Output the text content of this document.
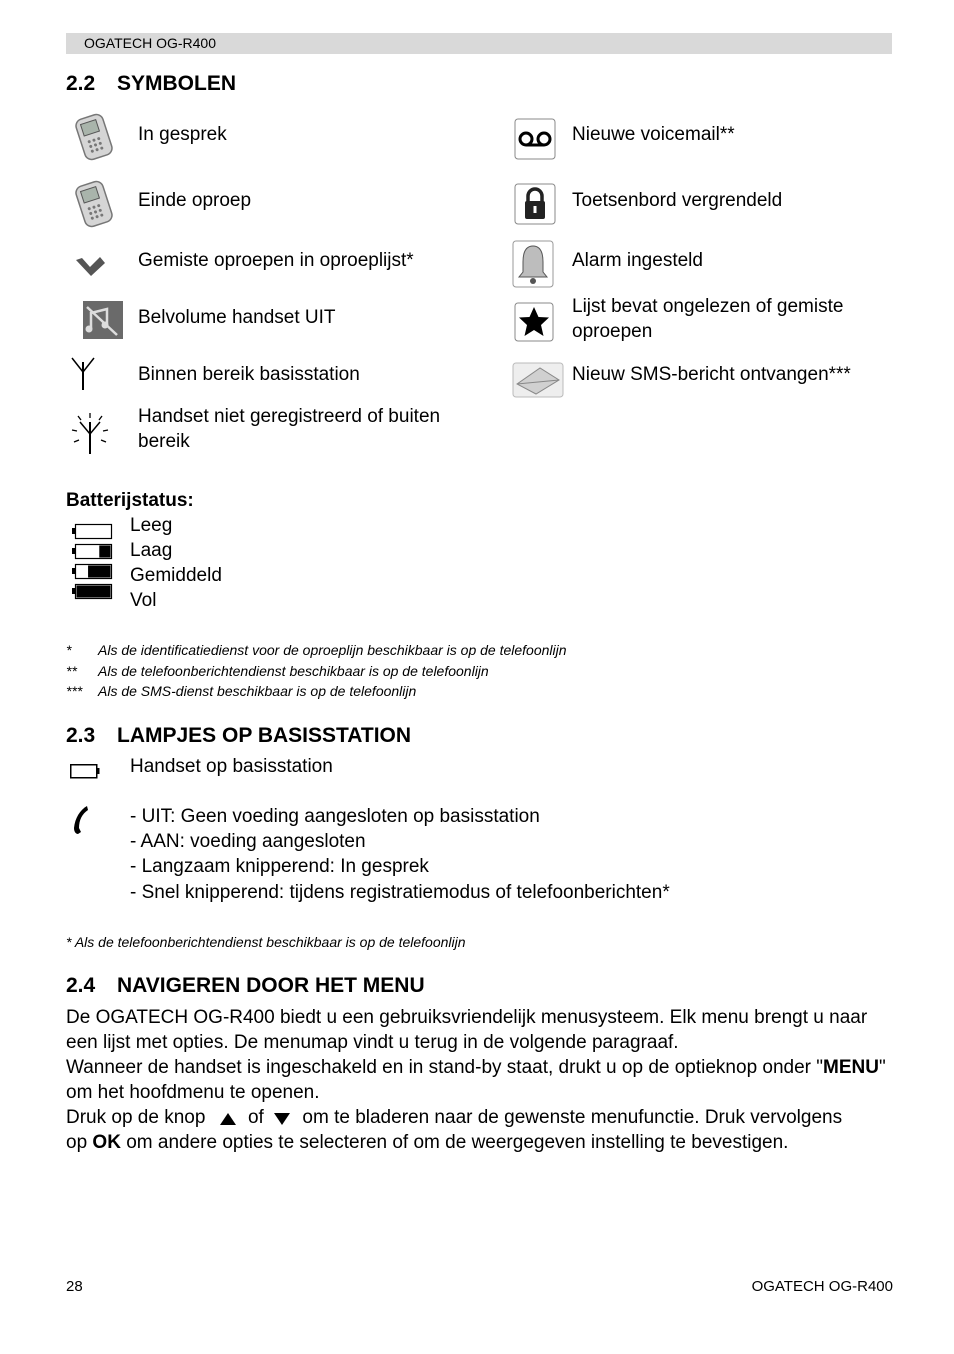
OGATECH OG-R400
2.2 SYMBOLEN
In gesprek
Einde oproep
Gemiste oproepen in oproeplijst*
Belvolume handset UIT
Binnen bereik basisstation
Handset niet geregistreerd of buiten bereik
Nieuwe voicemail**
Toetsenbord vergrendeld
Alarm ingesteld
Lijst bevat ongelezen of gemiste oproepen
Nieuw SMS-bericht ontvangen***
Batterijstatus:
Leeg
Laag
Gemiddeld
Vol
* Als de identificatiedienst voor de oproeplijn beschikbaar is op de telefoonlijn
** Als de telefoonberichtendienst beschikbaar is op de telefoonlijn
*** Als de SMS-dienst beschikbaar is op de telefoonlijn
2.3 LAMPJES OP BASISSTATION
Handset op basisstation
- UIT: Geen voeding aangesloten op basisstation
- AAN: voeding aangesloten
- Langzaam knipperend: In gesprek
- Snel knipperend: tijdens registratiemodus of telefoonberichten*
* Als de telefoonberichtendienst beschikbaar is op de telefoonlijn
2.4 NAVIGEREN DOOR HET MENU
De OGATECH OG-R400 biedt u een gebruiksvriendelijk menusysteem. Elk menu brengt u naar een lijst met opties. De menumap vindt u terug in de volgende paragraaf.
Wanneer de handset is ingeschakeld en in stand-by staat, drukt u op de optieknop onder "MENU" om het hoofdmenu te openen.
Druk op de knop of om te bladeren naar de gewenste menufunctie. Druk vervolgens
op OK om andere opties te selecteren of om de weergegeven instelling te bevestigen.
28	OGATECH OG-R400
